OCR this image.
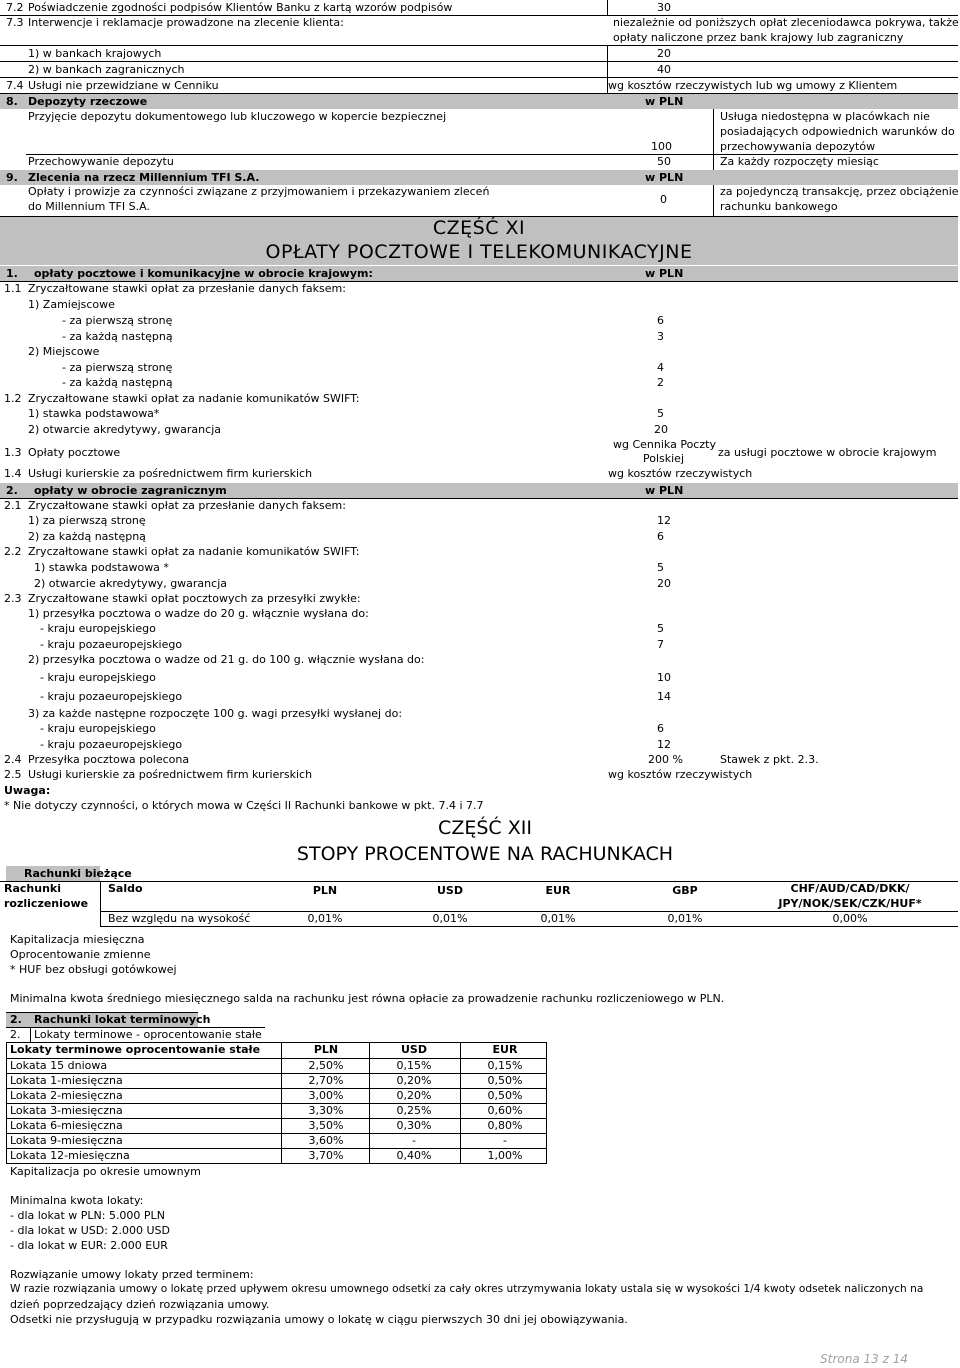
7.2 Poświadczenie zgodności podpisów Klientów Banku z kartą wzorów podpisów	30
7.3 Interwencje i reklamacje prowadzone na zlecenie klienta:	niezależnie od poniższych opłat zleceniodawca pokrywa, także
opłaty naliczone przez bank krajowy lub zagraniczny
1) w bankach krajowych	20
2) w bankach zagranicznych	40
7.4 Usługi nie przewidziane w Cenniku	wg kosztów rzeczywistych lub wg umowy z Klientem
8. Depozyty rzeczowe	w PLN
Przyjęcie depozytu dokumentowego lub kluczowego w kopercie bezpiecznej
100
Usługa niedostępna w placówkach nie
posiadających odpowiednich warunków do
przechowywania depozytów
Przechowywanie depozytu	50	Za każdy rozpoczęty miesiąc
9. Zlecenia na rzecz Millennium TFI S.A.	w PLN
Opłaty i prowizje za czynności związane z przyjmowaniem i przekazywaniem zleceń
do Millennium TFI S.A.
0
za pojedynczą transakcję, przez obciążenie
rachunku bankowego
CZĘŚĆ XI
OPŁATY POCZTOWE I TELEKOMUNIKACYJNE
1. opłaty pocztowe i komunikacyjne w obrocie krajowym:	w PLN
1.1 Zryczałtowane stawki opłat za przesłanie danych faksem:
1) Zamiejscowe
- za pierwszą stronę	6
- za każdą następną	3
2) Miejscowe
- za pierwszą stronę	4
- za każdą następną	2
1.2 Zryczałtowane stawki opłat za nadanie komunikatów SWIFT:
1) stawka podstawowa*	5
2) otwarcie akredytywy, gwarancja	20
1.3 Opłaty pocztowe
wg Cennika Poczty
Polskiej	za usługi pocztowe w obrocie krajowym
1.4 Usługi kurierskie za pośrednictwem firm kurierskich	wg kosztów rzeczywistych
2. opłaty w obrocie zagranicznym	w PLN
2.1 Zryczałtowane stawki opłat za przesłanie danych faksem:
1) za pierwszą stronę	12
2) za każdą następną	6
2.2 Zryczałtowane stawki opłat za nadanie komunikatów SWIFT:
1) stawka podstawowa *	5
2) otwarcie akredytywy, gwarancja	20
2.3 Zryczałtowane stawki opłat pocztowych za przesyłki zwykłe:
1) przesyłka pocztowa o wadze do 20 g. włącznie wysłana do:
- kraju europejskiego	5
- kraju pozaeuropejskiego	7
2) przesyłka pocztowa o wadze od 21 g. do 100 g. włącznie wysłana do:
- kraju europejskiego	10
- kraju pozaeuropejskiego	14
3) za każde następne rozpoczęte 100 g. wagi przesyłki wysłanej do:
- kraju europejskiego	6
- kraju pozaeuropejskiego	12
2.4 Przesyłka pocztowa polecona	200 %	Stawek z pkt. 2.3.
2.5 Usługi kurierskie za pośrednictwem firm kurierskich	wg kosztów rzeczywistych
Uwaga:
* Nie dotyczy czynności, o których mowa w Części II Rachunki bankowe w pkt. 7.4 i 7.7
CZĘŚĆ XII
STOPY PROCENTOWE NA RACHUNKACH
Rachunki bieżące
Rachunki
rozliczeniowe
Saldo	PLN	USD	EUR	GBP	CHF/AUD/CAD/DKK/
JPY/NOK/SEK/CZK/HUF*
Bez względu na wysokość	0,01%	0,01%	0,01%	0,01%	0,00%
Kapitalizacja miesięczna
Oprocentowanie zmienne
* HUF bez obsługi gotówkowej
Minimalna kwota średniego miesięcznego salda na rachunku jest równa opłacie za prowadzenie rachunku rozliczeniowego w PLN.
2. Rachunki lokat terminowych
2. Lokaty terminowe - oprocentowanie stałe
Lokaty terminowe oprocentowanie stałe	PLN	USD	EUR
Lokata 15 dniowa	2,50%	0,15%	0,15%
Lokata 1-miesięczna	2,70%	0,20%	0,50%
Lokata 2-miesięczna	3,00%	0,20%	0,50%
Lokata 3-miesięczna	3,30%	0,25%	0,60%
Lokata 6-miesięczna	3,50%	0,30%	0,80%
Lokata 9-miesięczna	3,60%	-	-
Lokata 12-miesięczna	3,70%	0,40%	1,00%
Kapitalizacja po okresie umownym
Minimalna kwota lokaty:
- dla lokat w PLN: 5.000 PLN
- dla lokat w USD: 2.000 USD
- dla lokat w EUR: 2.000 EUR
Rozwiązanie umowy lokaty przed terminem:
W razie rozwiązania umowy o lokatę przed upływem okresu umownego odsetki za cały okres utrzymywania lokaty ustala się w wysokości 1/4 kwoty odsetek naliczonych na
dzień poprzedzający dzień rozwiązania umowy.
Odsetki nie przysługują w przypadku rozwiązania umowy o lokatę w ciągu pierwszych 30 dni jej obowiązywania.
Strona 13 z 14
